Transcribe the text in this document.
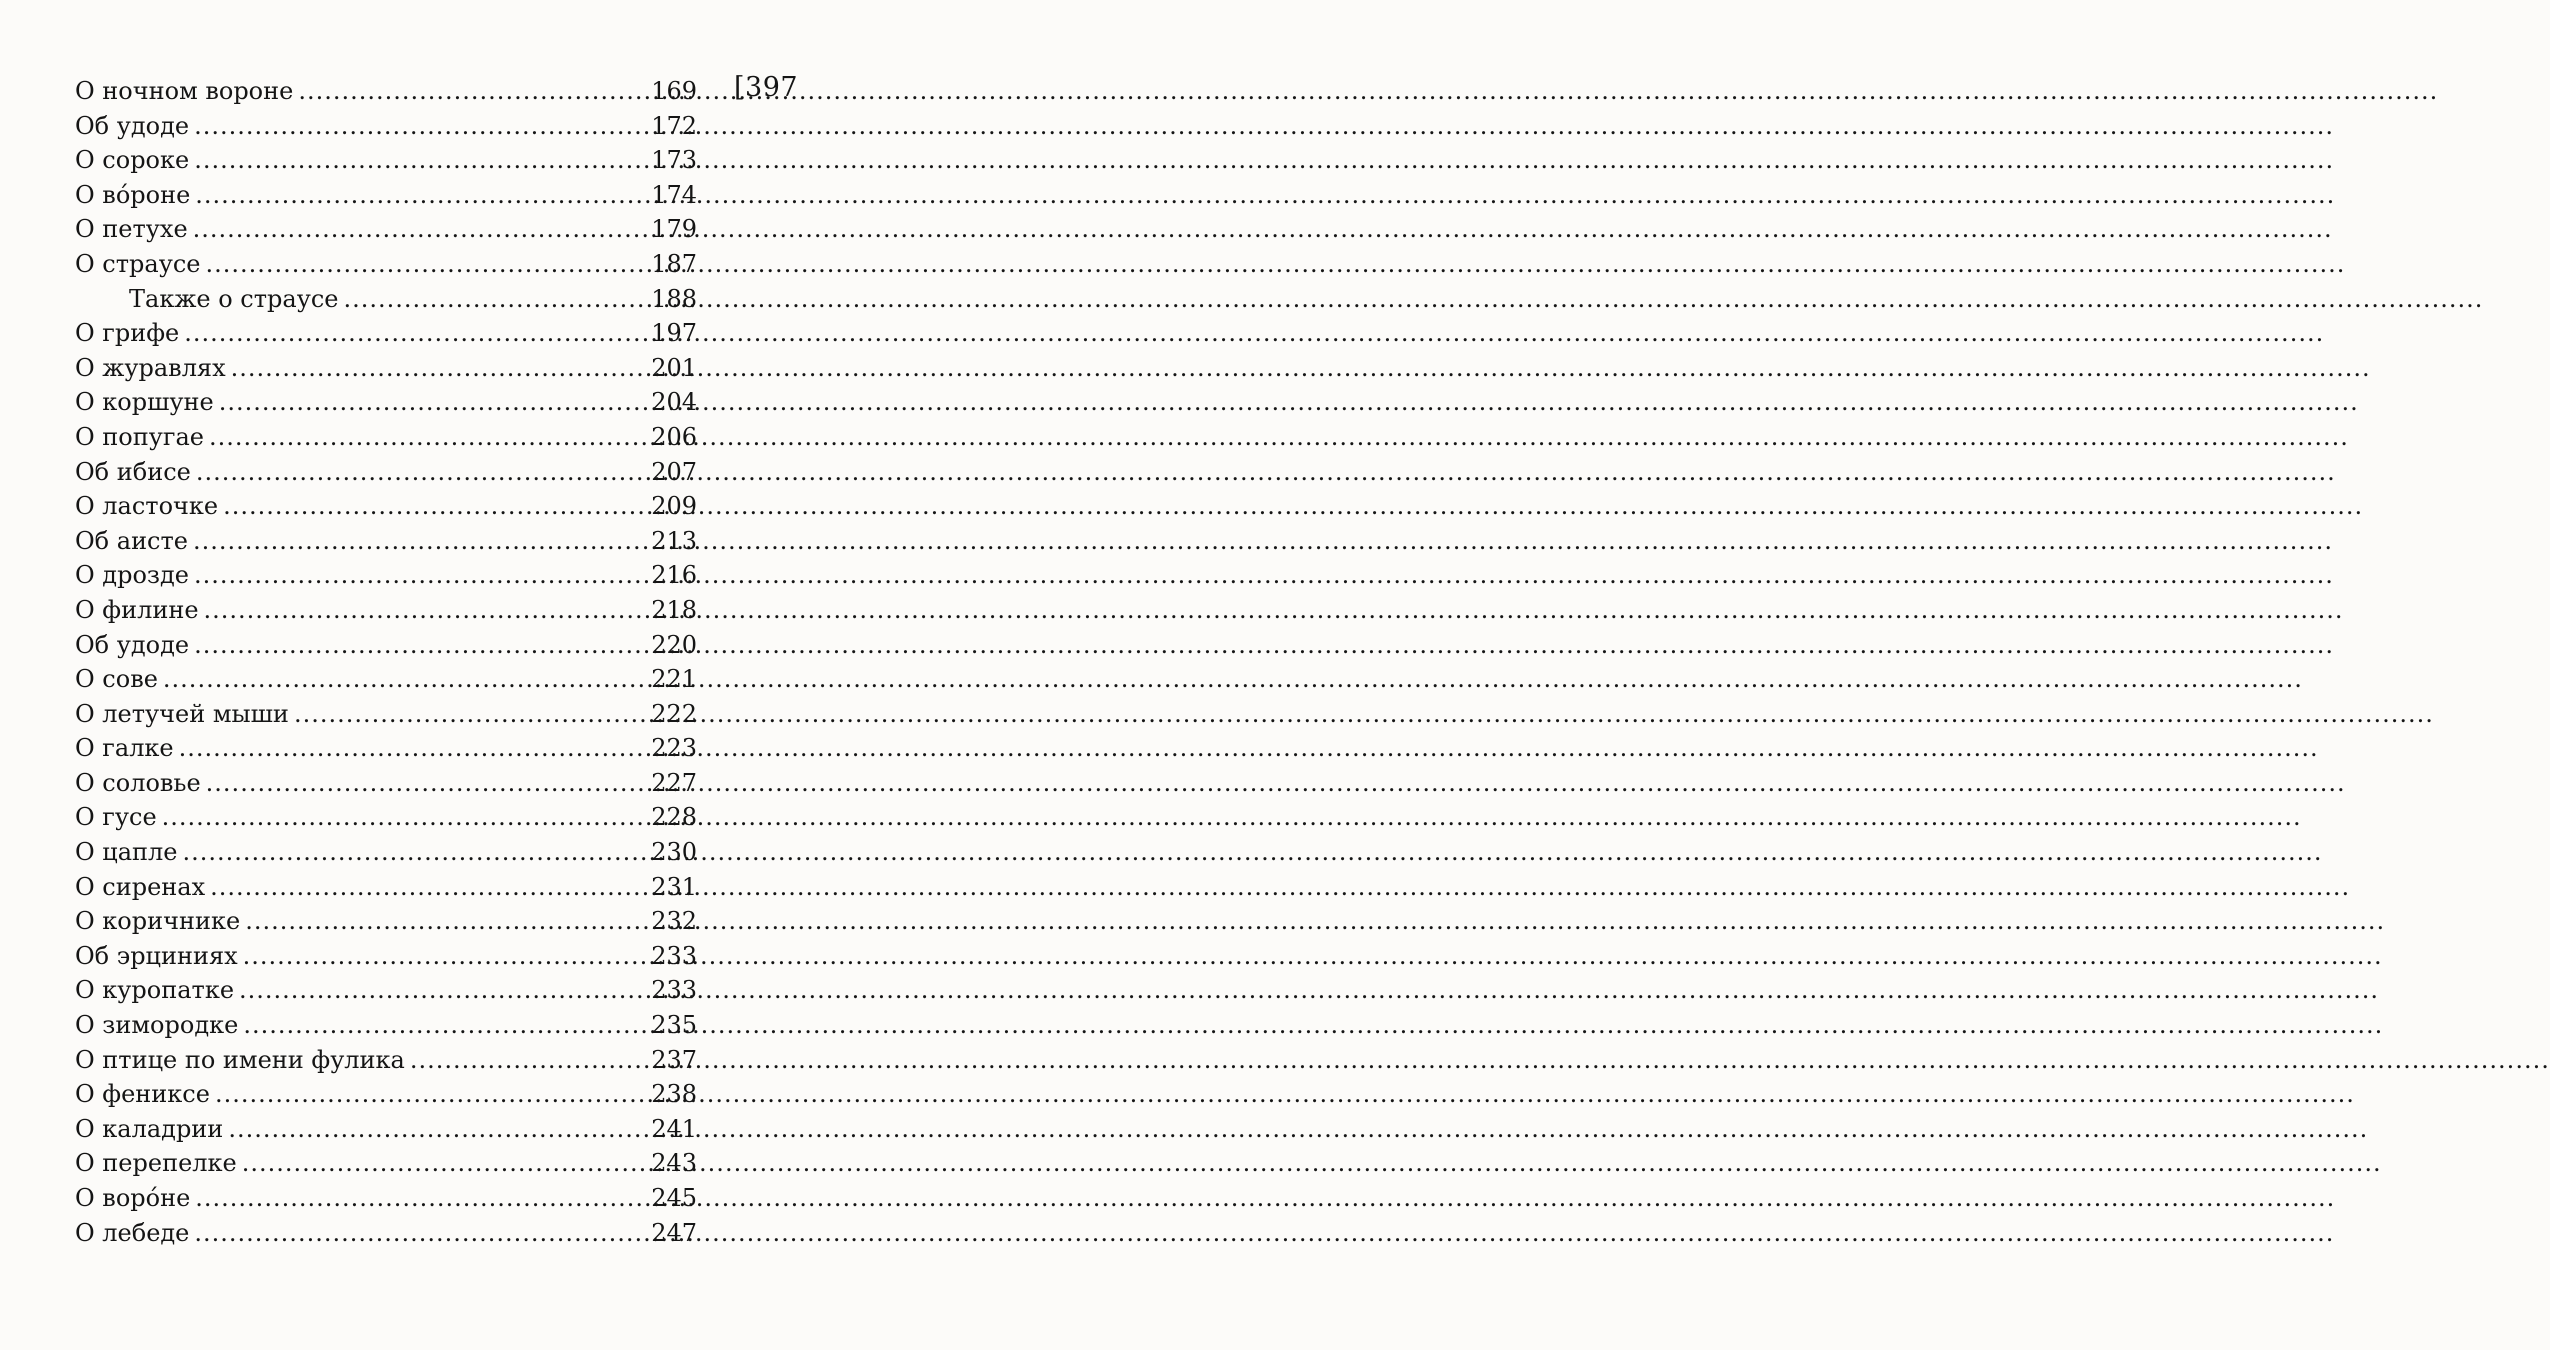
[397
О ночном вороне .....	169
Об удоде .....	172
О сороке .....	173
О вóроне .....	174
О петухе .....	179
О страусе .....	187
Также о страусе .....	188
О грифе .....	197
О журавлях .....	201
О коршуне .....	204
О попугае .....	206
Об ибисе .....	207
О ласточке .....	209
Об аисте .....	213
О дрозде .....	216
О филине .....	218
Об удоде .....	220
О сове .....	221
О летучей мыши .....	222
О галке .....	223
О соловье .....	227
О гусе .....	228
О цапле .....	230
О сиренах .....	231
О коричнике .....	232
Об эрциниях .....	233
О куропатке .....	233
О зимородке .....	235
О птице по имени фулика .....	237
О фениксе .....	238
О каладрии .....	241
О перепелке .....	243
О ворóне .....	245
О лебеде .....	247
